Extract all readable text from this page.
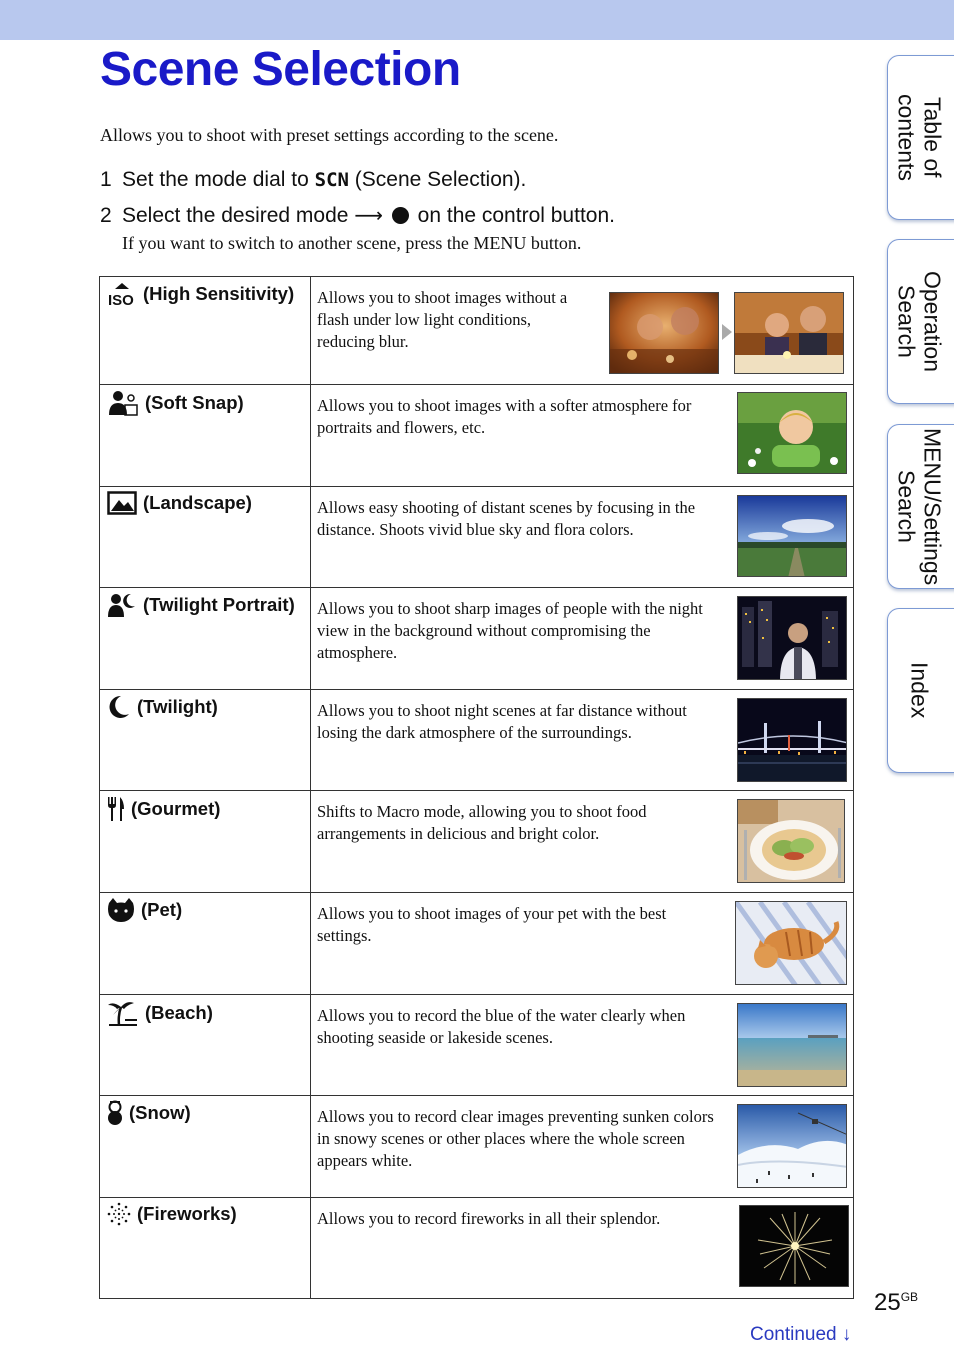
Scene Selection
Allows you to shoot with preset settings according to the scene.
1 Set the mode dial to SCN (Scene Selection).
2 Select the desired mode ⟶  on the control button.
If you want to switch to another scene, press the MENU button.
ISO (High Sensitivity)	Allows you to shoot images without a flash under low light conditions, reducing blur.

(Soft Snap)	Allows you to shoot images with a softer atmosphere for portraits and flowers, etc.

(Landscape)	Allows easy shooting of distant scenes by focusing in the distance. Shoots vivid blue sky and flora colors.

(Twilight Portrait)	Allows you to shoot sharp images of people with the night view in the background without compromising the atmosphere.

(Twilight)	Allows you to shoot night scenes at far distance without losing the dark atmosphere of the surroundings.

(Gourmet)	Shifts to Macro mode, allowing you to shoot food arrangements in delicious and bright color.

(Pet)	Allows you to shoot images of your pet with the best settings.

(Beach)	Allows you to record the blue of the water clearly when shooting seaside or lakeside scenes.

(Snow)	Allows you to record clear images preventing sunken colors in snowy scenes or other places where the whole screen appears white.

(Fireworks)	Allows you to record fireworks in all their splendor.
Table of
contents
Operation
Search
MENU/Settings
Search
Index
$25^{GB}$
Continued ↓
